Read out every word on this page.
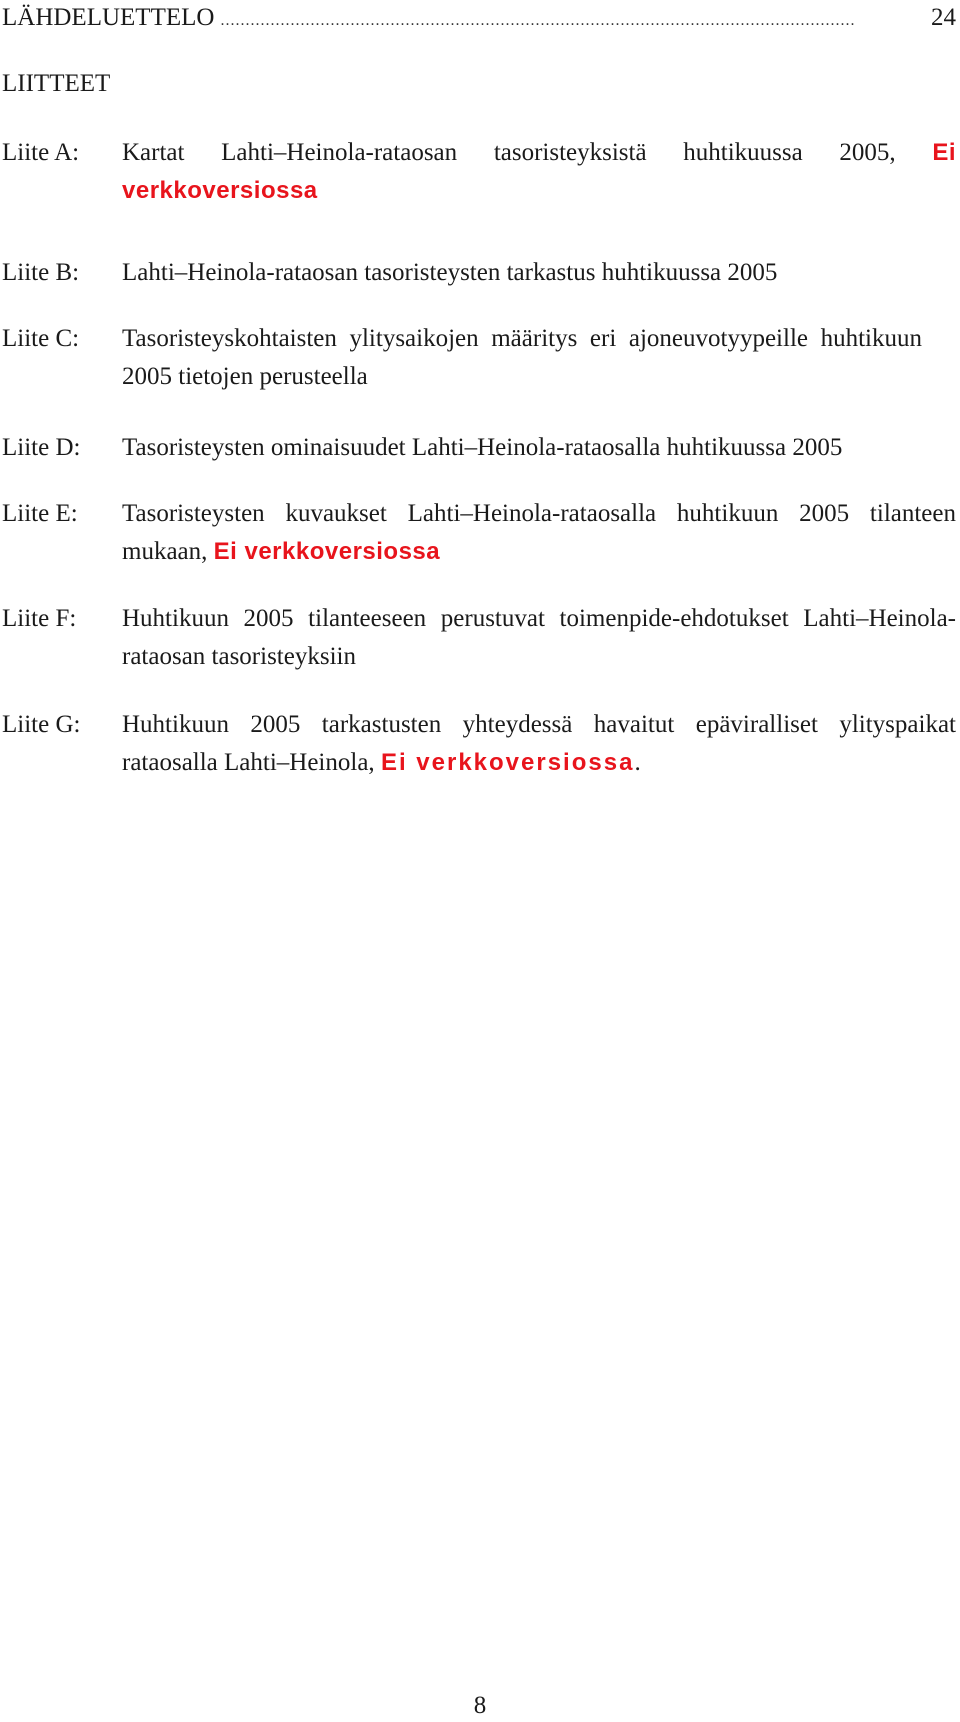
LÄHDELUETTELO ...............................................................................................................................	24
LIITTEET
Liite A:	Kartat Lahti–Heinola-rataosan tasoristeyksistä huhtikuussa 2005, Ei verkkoversiossa
Liite B:	Lahti–Heinola-rataosan tasoristeysten tarkastus huhtikuussa 2005
Liite C:	Tasoristeyskohtaisten ylitysaikojen määritys eri ajoneuvotyypeille huhtikuun 2005 tietojen perusteella
Liite D:	Tasoristeysten ominaisuudet Lahti–Heinola-rataosalla huhtikuussa 2005
Liite E:	Tasoristeysten kuvaukset Lahti–Heinola-rataosalla huhtikuun 2005 tilanteen mukaan, Ei verkkoversiossa
Liite F:	Huhtikuun 2005 tilanteeseen perustuvat toimenpide-ehdotukset Lahti–Heinola-rataosan tasoristeyksiin
Liite G:	Huhtikuun 2005 tarkastusten yhteydessä havaitut epäviralliset ylityspaikat rataosalla Lahti–Heinola, Ei verkkoversiossa.
8
